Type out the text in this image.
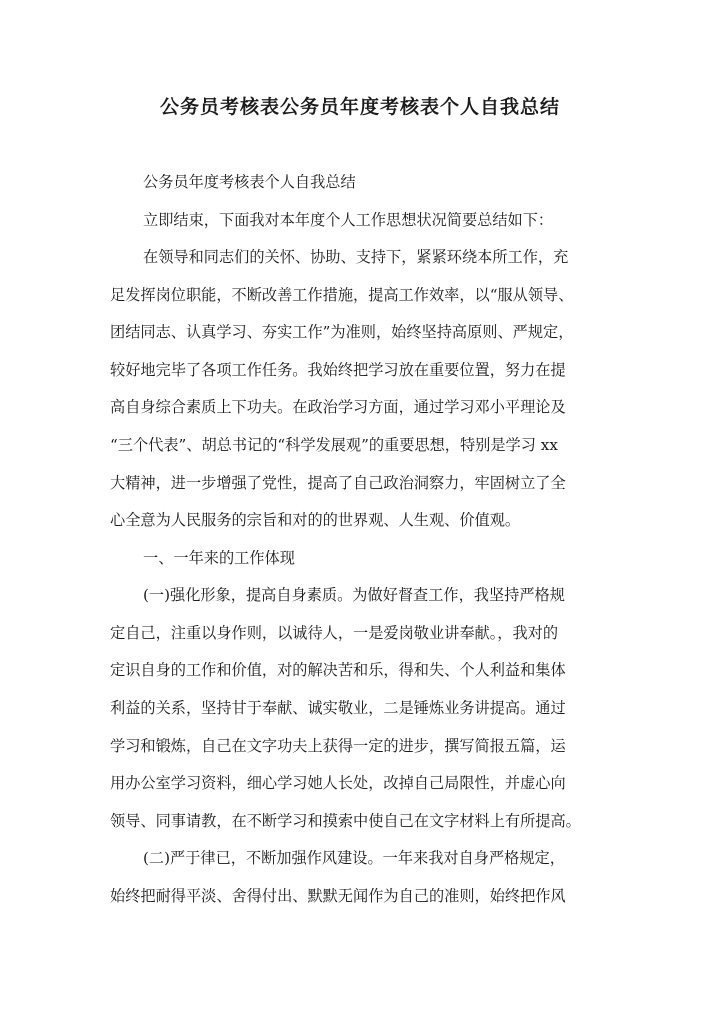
公务员考核表公务员年度考核表个人自我总结
公务员年度考核表个人自我总结
立即结束，下面我对本年度个人工作思想状况简要总结如下：
在领导和同志们的关怀、协助、支持下，紧紧环绕本所工作，充
足发挥岗位职能，不断改善工作措施，提高工作效率，以“服从领导、
团结同志、认真学习、夯实工作”为准则，始终坚持高原则、严规定，
较好地完毕了各项工作任务。我始终把学习放在重要位置，努力在提
高自身综合素质上下功夫。在政治学习方面，通过学习邓小平理论及
“三个代表”、胡总书记的“科学发展观”的重要思想，特别是学习 xx
大精神，进一步增强了党性，提高了自己政治洞察力，牢固树立了全
心全意为人民服务的宗旨和对的的世界观、人生观、价值观。
一、一年来的工作体现
(一)强化形象，提高自身素质。为做好督查工作，我坚持严格规
定自己，注重以身作则，以诚待人，一是爱岗敬业讲奉献。，我对的
定识自身的工作和价值，对的解决苦和乐，得和失、个人利益和集体
利益的关系，坚持甘于奉献、诚实敬业，二是锤炼业务讲提高。通过
学习和锻炼，自己在文字功夫上获得一定的进步，撰写简报五篇，运
用办公室学习资料，细心学习她人长处，改掉自己局限性，并虚心向
领导、同事请教，在不断学习和摸索中使自己在文字材料上有所提高。
(二)严于律已，不断加强作风建设。一年来我对自身严格规定，
始终把耐得平淡、舍得付出、默默无闻作为自己的准则，始终把作风
